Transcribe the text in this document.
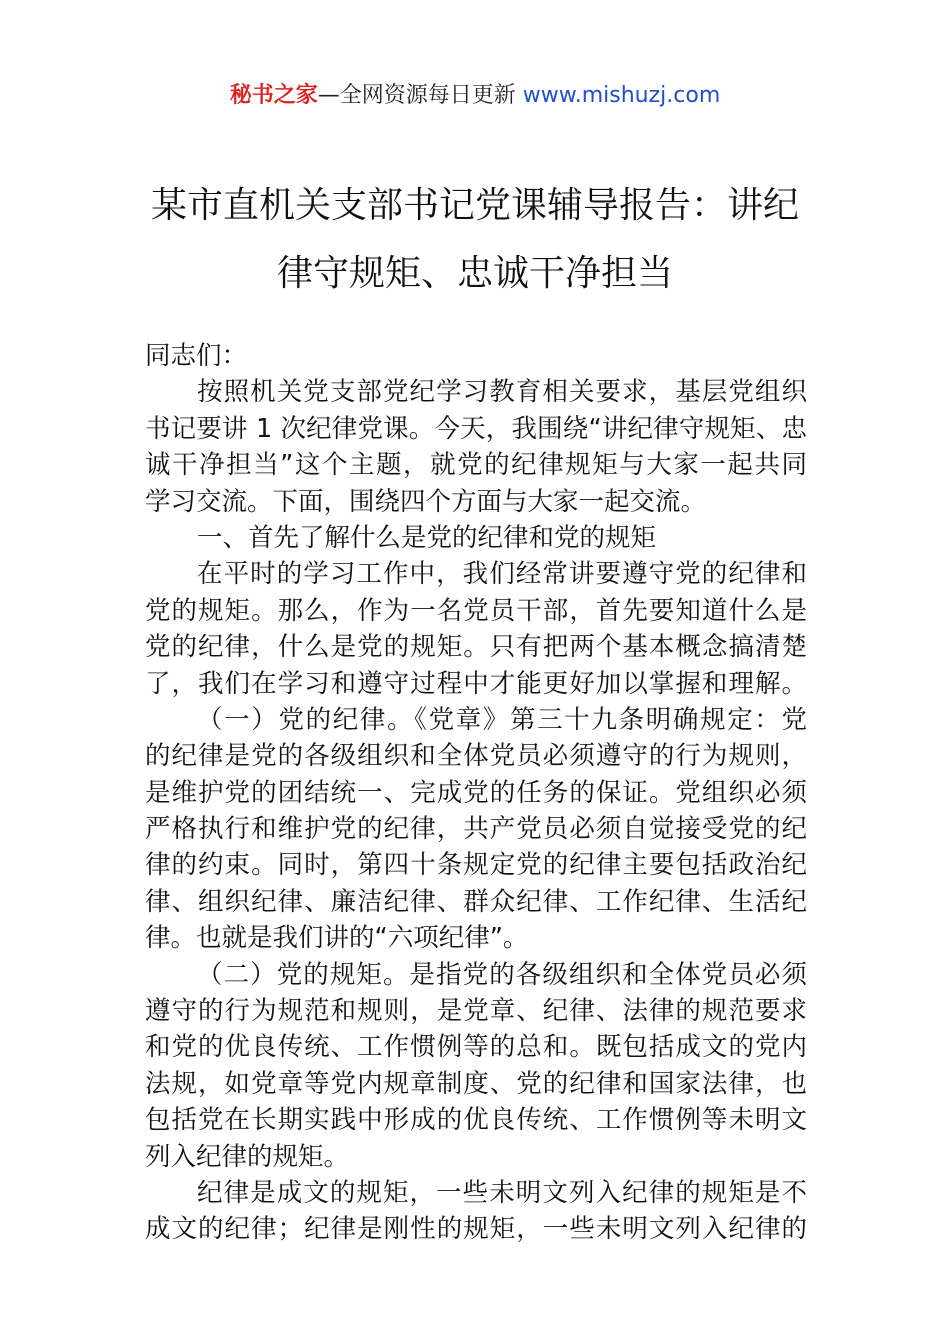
秘书之家—全网资源每日更新 www.mishuzj.com
某市直机关支部书记党课辅导报告：讲纪
律守规矩、忠诚干净担当
同志们：
按照机关党支部党纪学习教育相关要求，基层党组织
书记要讲 1 次纪律党课。今天，我围绕“讲纪律守规矩、忠
诚干净担当”这个主题，就党的纪律规矩与大家一起共同
学习交流。下面，围绕四个方面与大家一起交流。
一、首先了解什么是党的纪律和党的规矩
在平时的学习工作中，我们经常讲要遵守党的纪律和
党的规矩。那么，作为一名党员干部，首先要知道什么是
党的纪律，什么是党的规矩。只有把两个基本概念搞清楚
了，我们在学习和遵守过程中才能更好加以掌握和理解。
（一）党的纪律。《党章》第三十九条明确规定：党
的纪律是党的各级组织和全体党员必须遵守的行为规则，
是维护党的团结统一、完成党的任务的保证。党组织必须
严格执行和维护党的纪律，共产党员必须自觉接受党的纪
律的约束。同时，第四十条规定党的纪律主要包括政治纪
律、组织纪律、廉洁纪律、群众纪律、工作纪律、生活纪
律。也就是我们讲的“六项纪律”。
（二）党的规矩。是指党的各级组织和全体党员必须
遵守的行为规范和规则，是党章、纪律、法律的规范要求
和党的优良传统、工作惯例等的总和。既包括成文的党内
法规，如党章等党内规章制度、党的纪律和国家法律，也
包括党在长期实践中形成的优良传统、工作惯例等未明文
列入纪律的规矩。
纪律是成文的规矩，一些未明文列入纪律的规矩是不
成文的纪律；纪律是刚性的规矩，一些未明文列入纪律的
